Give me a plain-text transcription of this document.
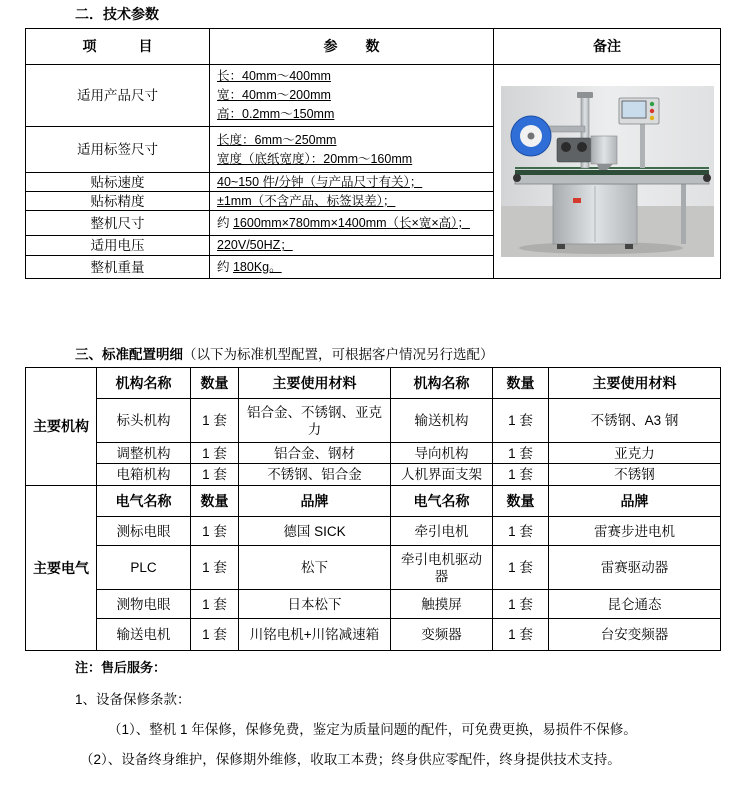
二．技术参数
项　　　目	参　　数	备注
适用产品尺寸	长：40mm～400mm
宽：40mm～200mm
高：0.2mm～150mm

适用标签尺寸	长度：6mm～250mm
宽度（底纸宽度）：20mm～160mm	

贴标速度	40~150 件/分钟（与产品尺寸有关）；	

贴标精度	±1mm（不含产品、标签误差）；	

整机尺寸	约 1600mm×780mm×1400mm（长×宽×高）；	

适用电压	220V/50HZ；	

整机重量	约 180Kg。	
三、标准配置明细（以下为标准机型配置，可根据客户情况另行选配）
主要机构	机构名称	数量	主要使用材料	机构名称	数量	主要使用材料
	标头机构	1 套	铝合金、不锈钢、亚克力	输送机构	1 套	不锈钢、A3 钢
	调整机构	1 套	铝合金、钢材	导向机构	1 套	亚克力
	电箱机构	1 套	不锈钢、铝合金	人机界面支架	1 套	不锈钢
主要电气	电气名称	数量	品牌	电气名称	数量	品牌
	测标电眼	1 套	德国 SICK	牵引电机	1 套	雷赛步进电机
	PLC	1 套	松下	牵引电机驱动器	1 套	雷赛驱动器
	测物电眼	1 套	日本松下	触摸屏	1 套	昆仑通态
	输送电机	1 套	川铭电机+川铭减速箱	变频器	1 套	台安变频器
注：售后服务：
1、设备保修条款：
（1）、整机 1 年保修，保修免费，鉴定为质量问题的配件，可免费更换，易损件不保修。
（2）、设备终身维护，保修期外维修，收取工本费；终身供应零配件，终身提供技术支持。
